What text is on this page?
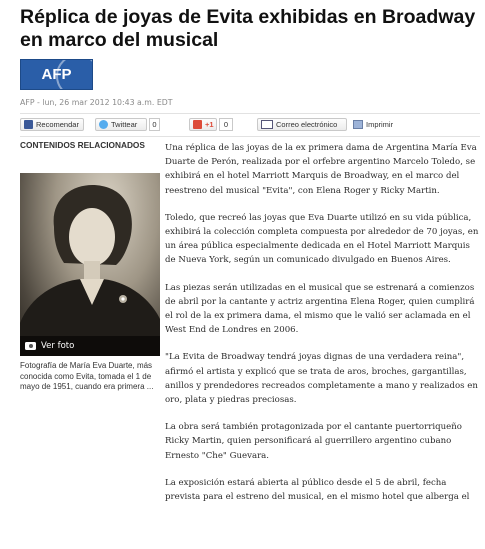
Réplica de joyas de Evita exhibidas en Broadway en marco del musical
AFP
AFP - lun, 26 mar 2012 10:43 a.m. EDT
Recomendar	Twittear	0	+1	0	Correo electrónico	Imprimir
CONTENIDOS RELACIONADOS
Ver foto

Fotografía de María Eva Duarte, más conocida como Evita, tomada el 1 de mayo de 1951, cuando era primera ...

Una réplica de las joyas de la ex primera dama de Argentina María Eva Duarte de Perón, realizada por el orfebre argentino Marcelo Toledo, se exhibirá en el hotel Marriott Marquis de Broadway, en el marco del reestreno del musical "Evita", con Elena Roger y Ricky Martin.

Toledo, que recreó las joyas que Eva Duarte utilizó en su vida pública, exhibirá la colección completa compuesta por alrededor de 70 joyas, en un área pública especialmente dedicada en el Hotel Marriott Marquis de Nueva York, según un comunicado divulgado en Buenos Aires.

Las piezas serán utilizadas en el musical que se estrenará a comienzos de abril por la cantante y actriz argentina Elena Roger, quien cumplirá el rol de la ex primera dama, el mismo que le valió ser aclamada en el West End de Londres en 2006.

"La Evita de Broadway tendrá joyas dignas de una verdadera reina", afirmó el artista y explicó que se trata de aros, broches, gargantillas, anillos y prendedores recreados completamente a mano y realizados en oro, plata y piedras preciosas.

La obra será también protagonizada por el cantante puertorriqueño Ricky Martin, quien personificará al guerrillero argentino cubano Ernesto "Che" Guevara.

La exposición estará abierta al público desde el 5 de abril, fecha prevista para el estreno del musical, en el mismo hotel que alberga el
